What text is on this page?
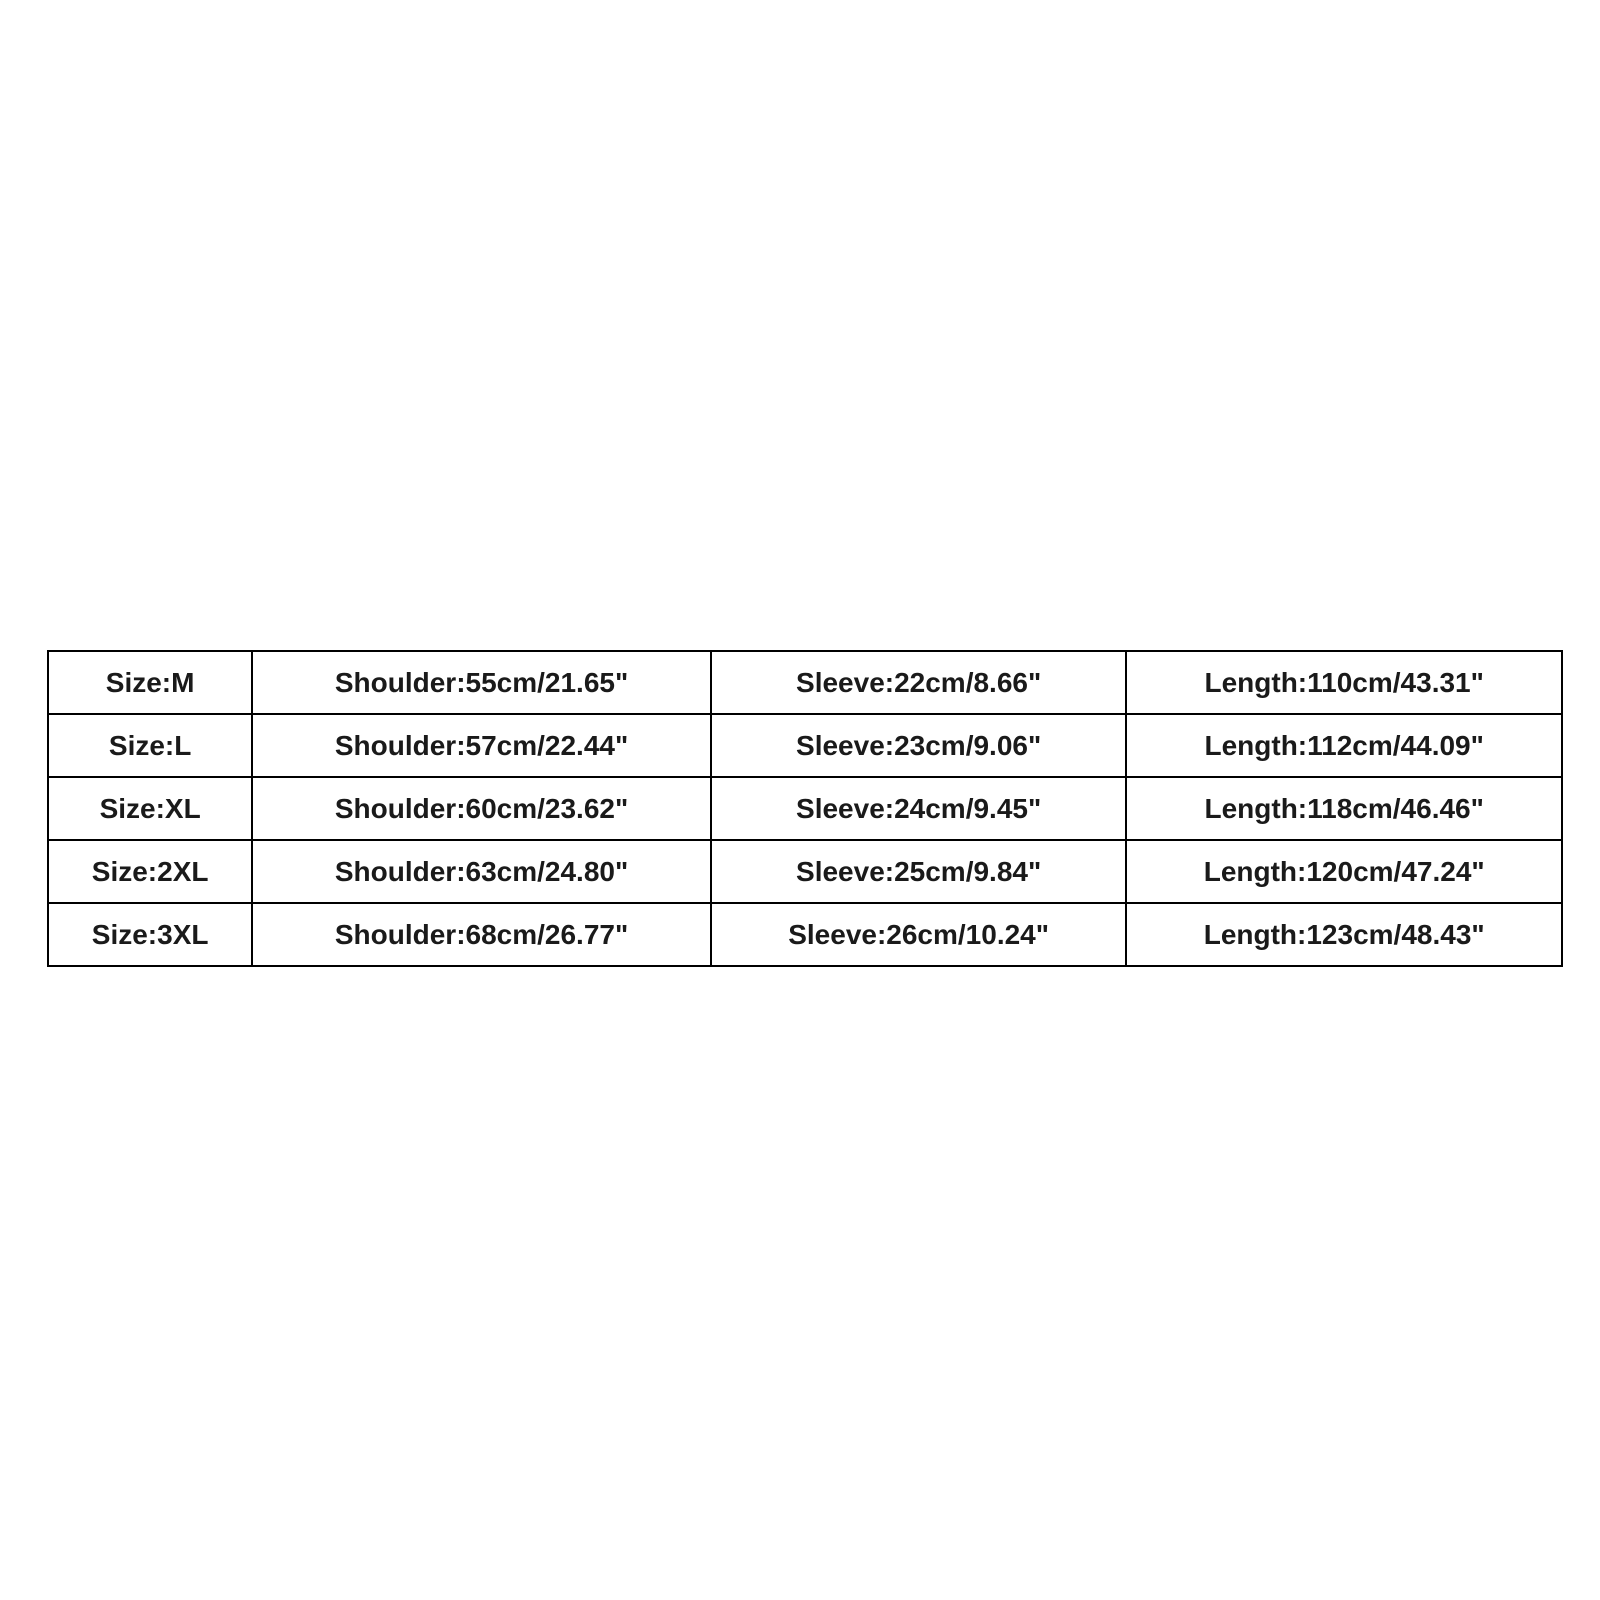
Size:M	Shoulder:55cm/21.65"	Sleeve:22cm/8.66"	Length:110cm/43.31"
Size:L	Shoulder:57cm/22.44"	Sleeve:23cm/9.06"	Length:112cm/44.09"
Size:XL	Shoulder:60cm/23.62"	Sleeve:24cm/9.45"	Length:118cm/46.46"
Size:2XL	Shoulder:63cm/24.80"	Sleeve:25cm/9.84"	Length:120cm/47.24"
Size:3XL	Shoulder:68cm/26.77"	Sleeve:26cm/10.24"	Length:123cm/48.43"
